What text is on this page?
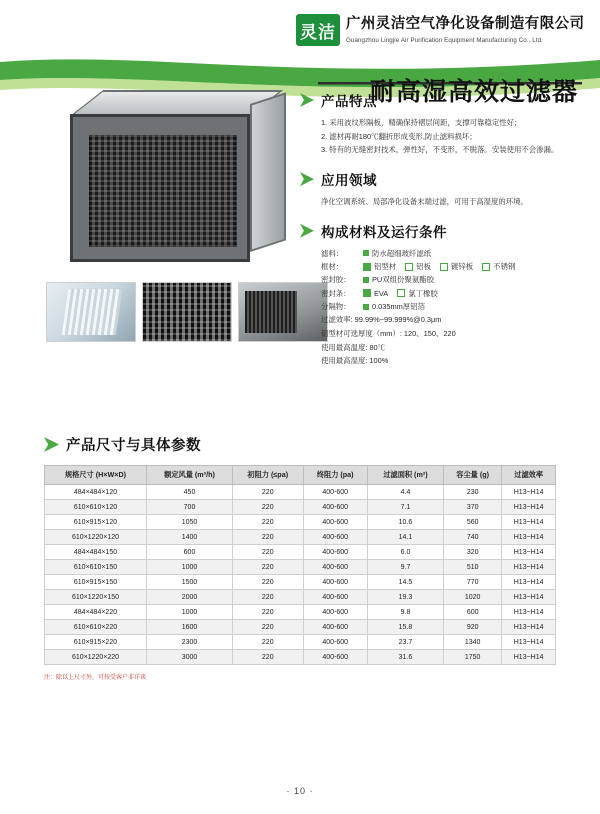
灵洁 广州灵洁空气净化设备制造有限公司
Guangzhou Lingjie Air Purification Equipment Manufacturing Co., Ltd.
耐高湿高效过滤器
产品特点

1. 采用波纹形隔板，精确保持褶层间距，支撑可靠稳定性好；

2. 滤材再耐180℃翻折形成变形,防止滤料损坏；

3. 特有的无缝密封技术，弹性好，不变形，不脱落。安装使用不会渗漏。

应用领域

净化空调系统、局部净化设备末端过滤，可用于高湿度的环境。

构成材料及运行条件
滤料：	防水超细玻纤滤纸
框材：	铝型材	铝板	镀锌板	不锈钢
密封胶：	PU双组份聚氨酯胶
密封条：	EVA	氯丁橡胶
分隔物：	0.035mm厚铝箔
过滤效率: 99.99%~99.999%@0.3μm
铝型材可选厚度（mm）: 120、150、220
使用最高温度: 80℃
使用最高湿度: 100%
产品尺寸与具体参数
规格尺寸 (H×W×D)	额定风量 (m³/h)	初阻力 (≤pa)	终阻力 (pa)	过滤面积 (m²)	容尘量 (g)	过滤效率
484×484×120	450	220	400-600	4.4	230	H13~H14
610×610×120	700	220	400-600	7.1	370	H13~H14
610×915×120	1050	220	400-600	10.6	560	H13~H14
610×1220×120	1400	220	400-600	14.1	740	H13~H14
484×484×150	600	220	400-600	6.0	320	H13~H14
610×610×150	1000	220	400-600	9.7	510	H13~H14
610×915×150	1500	220	400-600	14.5	770	H13~H14
610×1220×150	2000	220	400-600	19.3	1020	H13~H14
484×484×220	1000	220	400-600	9.8	600	H13~H14
610×610×220	1600	220	400-600	15.8	920	H13~H14
610×915×220	2300	220	400-600	23.7	1340	H13~H14
610×1220×220	3000	220	400-600	31.6	1750	H13~H14
注：除以上尺寸外，可按受客户非详谈
· 10 ·
